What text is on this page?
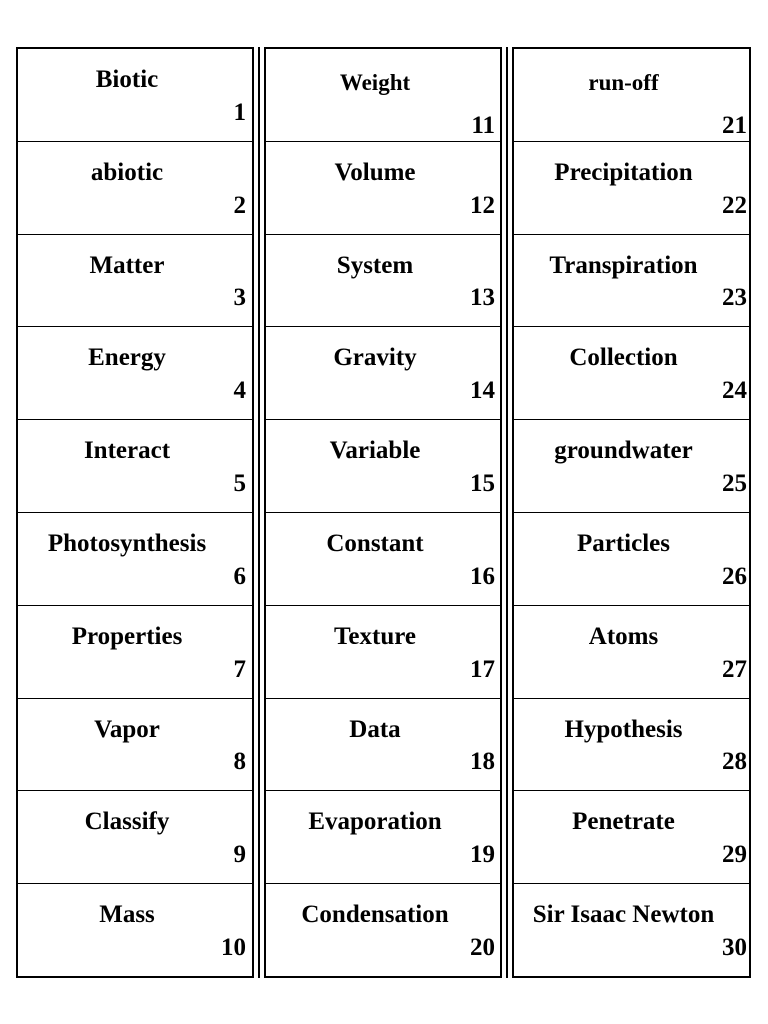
Biotic
1
abiotic
2
Matter
3
Energy
4
Interact
5
Photosynthesis
6
Properties
7
Vapor
8
Classify
9
Mass
10
Weight
11
Volume
12
System
13
Gravity
14
Variable
15
Constant
16
Texture
17
Data
18
Evaporation
19
Condensation
20
run-off
21
Precipitation
22
Transpiration
23
Collection
24
groundwater
25
Particles
26
Atoms
27
Hypothesis
28
Penetrate
29
Sir Isaac Newton
30
